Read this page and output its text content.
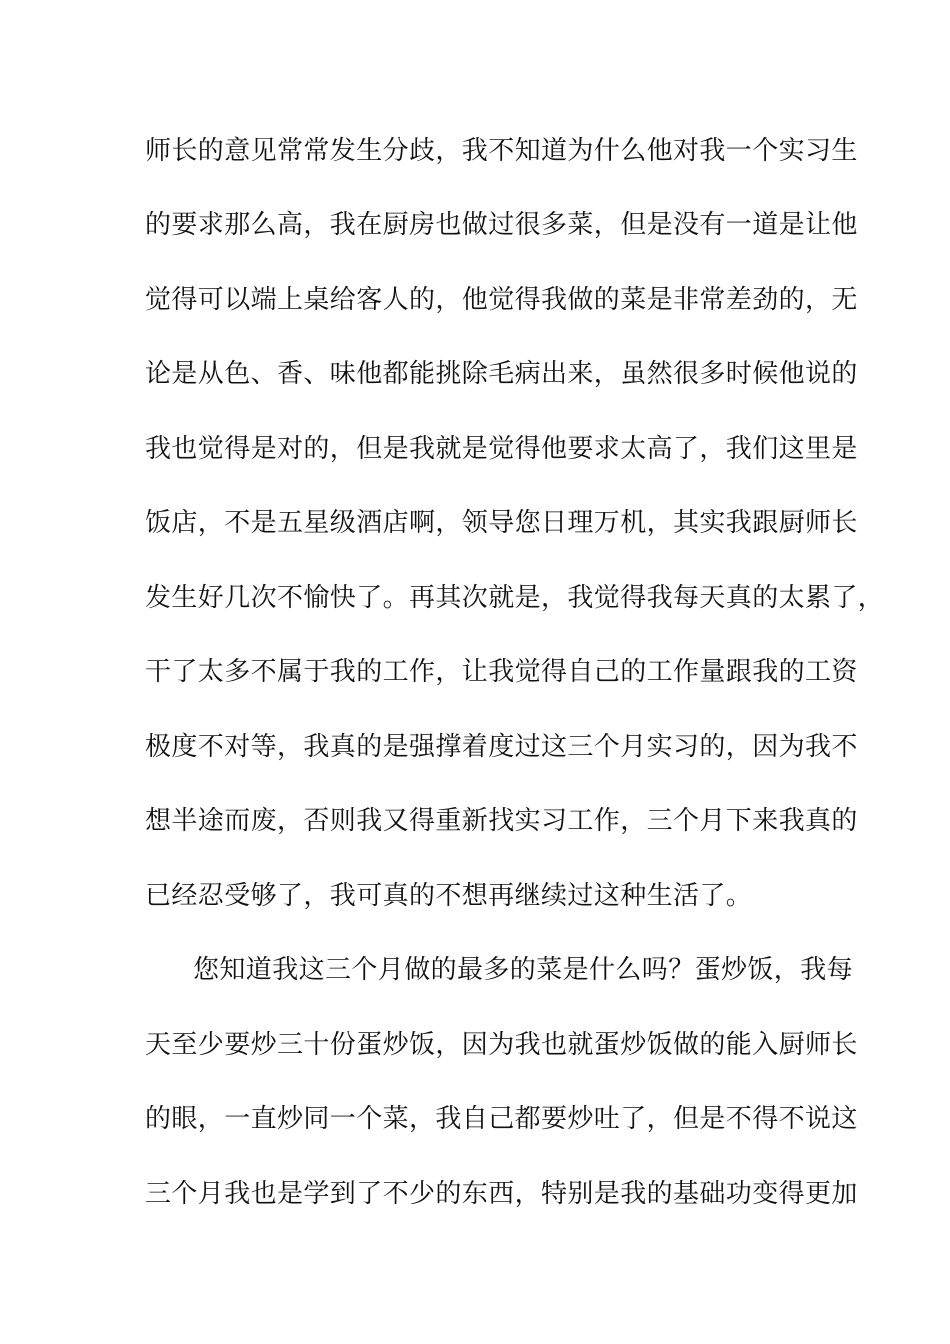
师长的意见常常发生分歧，我不知道为什么他对我一个实习生
的要求那么高，我在厨房也做过很多菜，但是没有一道是让他
觉得可以端上桌给客人的，他觉得我做的菜是非常差劲的，无
论是从色、香、味他都能挑除毛病出来，虽然很多时候他说的
我也觉得是对的，但是我就是觉得他要求太高了，我们这里是
饭店，不是五星级酒店啊，领导您日理万机，其实我跟厨师长
发生好几次不愉快了。再其次就是，我觉得我每天真的太累了，
干了太多不属于我的工作，让我觉得自己的工作量跟我的工资
极度不对等，我真的是强撑着度过这三个月实习的，因为我不
想半途而废，否则我又得重新找实习工作，三个月下来我真的
已经忍受够了，我可真的不想再继续过这种生活了。
您知道我这三个月做的最多的菜是什么吗？蛋炒饭，我每
天至少要炒三十份蛋炒饭，因为我也就蛋炒饭做的能入厨师长
的眼，一直炒同一个菜，我自己都要炒吐了，但是不得不说这
三个月我也是学到了不少的东西，特别是我的基础功变得更加
